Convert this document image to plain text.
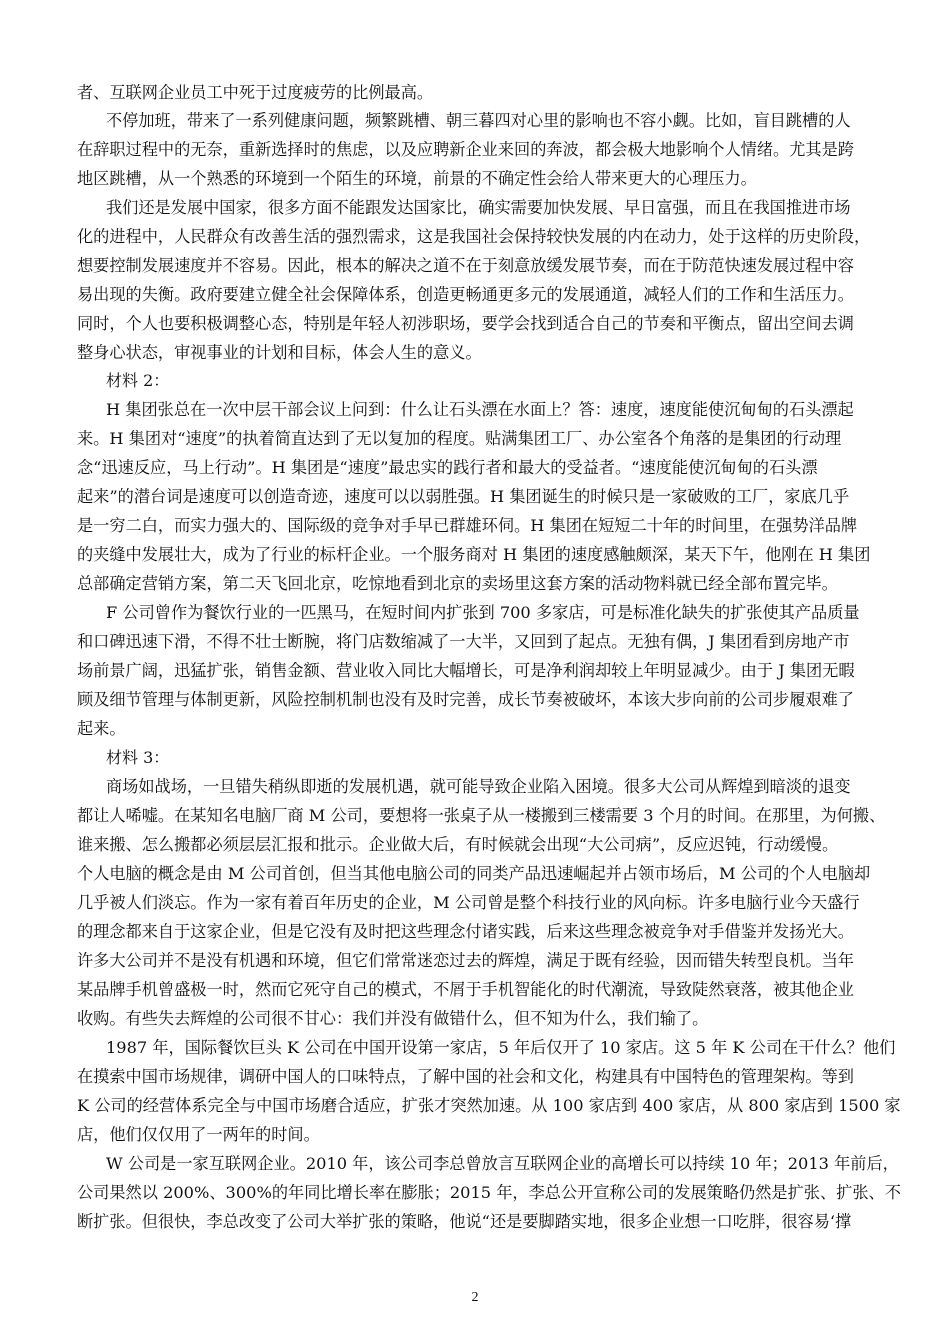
者、互联网企业员工中死于过度疲劳的比例最高。
不停加班，带来了一系列健康问题，频繁跳槽、朝三暮四对心里的影响也不容小觑。比如，盲目跳槽的人
在辞职过程中的无奈，重新选择时的焦虑，以及应聘新企业来回的奔波，都会极大地影响个人情绪。尤其是跨
地区跳槽，从一个熟悉的环境到一个陌生的环境，前景的不确定性会给人带来更大的心理压力。
我们还是发展中国家，很多方面不能跟发达国家比，确实需要加快发展、早日富强，而且在我国推进市场
化的进程中，人民群众有改善生活的强烈需求，这是我国社会保持较快发展的内在动力，处于这样的历史阶段，
想要控制发展速度并不容易。因此，根本的解决之道不在于刻意放缓发展节奏，而在于防范快速发展过程中容
易出现的失衡。政府要建立健全社会保障体系，创造更畅通更多元的发展通道，减轻人们的工作和生活压力。
同时，个人也要积极调整心态，特别是年轻人初涉职场，要学会找到适合自己的节奏和平衡点，留出空间去调
整身心状态，审视事业的计划和目标，体会人生的意义。
材料 2：
H 集团张总在一次中层干部会议上问到：什么让石头漂在水面上？答：速度，速度能使沉甸甸的石头漂起
来。H 集团对“速度”的执着简直达到了无以复加的程度。贴满集团工厂、办公室各个角落的是集团的行动理
念“迅速反应，马上行动”。H 集团是“速度”最忠实的践行者和最大的受益者。“速度能使沉甸甸的石头漂
起来”的潜台词是速度可以创造奇迹，速度可以以弱胜强。H 集团诞生的时候只是一家破败的工厂，家底几乎
是一穷二白，而实力强大的、国际级的竞争对手早已群雄环伺。H 集团在短短二十年的时间里，在强势洋品牌
的夹缝中发展壮大，成为了行业的标杆企业。一个服务商对 H 集团的速度感触颇深，某天下午，他刚在 H 集团
总部确定营销方案，第二天飞回北京，吃惊地看到北京的卖场里这套方案的活动物料就已经全部布置完毕。
F 公司曾作为餐饮行业的一匹黑马，在短时间内扩张到 700 多家店，可是标准化缺失的扩张使其产品质量
和口碑迅速下滑，不得不壮士断腕，将门店数缩减了一大半，又回到了起点。无独有偶，J 集团看到房地产市
场前景广阔，迅猛扩张，销售金额、营业收入同比大幅增长，可是净利润却较上年明显减少。由于 J 集团无暇
顾及细节管理与体制更新，风险控制机制也没有及时完善，成长节奏被破坏，本该大步向前的公司步履艰难了
起来。
材料 3：
商场如战场，一旦错失稍纵即逝的发展机遇，就可能导致企业陷入困境。很多大公司从辉煌到暗淡的退变
都让人唏嘘。在某知名电脑厂商 M 公司，要想将一张桌子从一楼搬到三楼需要 3 个月的时间。在那里，为何搬、
谁来搬、怎么搬都必须层层汇报和批示。企业做大后，有时候就会出现“大公司病”，反应迟钝，行动缓慢。
个人电脑的概念是由 M 公司首创，但当其他电脑公司的同类产品迅速崛起并占领市场后，M 公司的个人电脑却
几乎被人们淡忘。作为一家有着百年历史的企业，M 公司曾是整个科技行业的风向标。许多电脑行业今天盛行
的理念都来自于这家企业，但是它没有及时把这些理念付诸实践，后来这些理念被竞争对手借鉴并发扬光大。
许多大公司并不是没有机遇和环境，但它们常常迷恋过去的辉煌，满足于既有经验，因而错失转型良机。当年
某品牌手机曾盛极一时，然而它死守自己的模式，不屑于手机智能化的时代潮流，导致陡然衰落，被其他企业
收购。有些失去辉煌的公司很不甘心：我们并没有做错什么，但不知为什么，我们输了。
1987 年，国际餐饮巨头 K 公司在中国开设第一家店，5 年后仅开了 10 家店。这 5 年 K 公司在干什么？他们
在摸索中国市场规律，调研中国人的口味特点，了解中国的社会和文化，构建具有中国特色的管理架构。等到
K 公司的经营体系完全与中国市场磨合适应，扩张才突然加速。从 100 家店到 400 家店，从 800 家店到 1500 家
店，他们仅仅用了一两年的时间。
W 公司是一家互联网企业。2010 年，该公司李总曾放言互联网企业的高增长可以持续 10 年；2013 年前后，
公司果然以 200%、300%的年同比增长率在膨胀；2015 年，李总公开宣称公司的发展策略仍然是扩张、扩张、不
断扩张。但很快，李总改变了公司大举扩张的策略，他说“还是要脚踏实地，很多企业想一口吃胖，很容易‘撑
2
